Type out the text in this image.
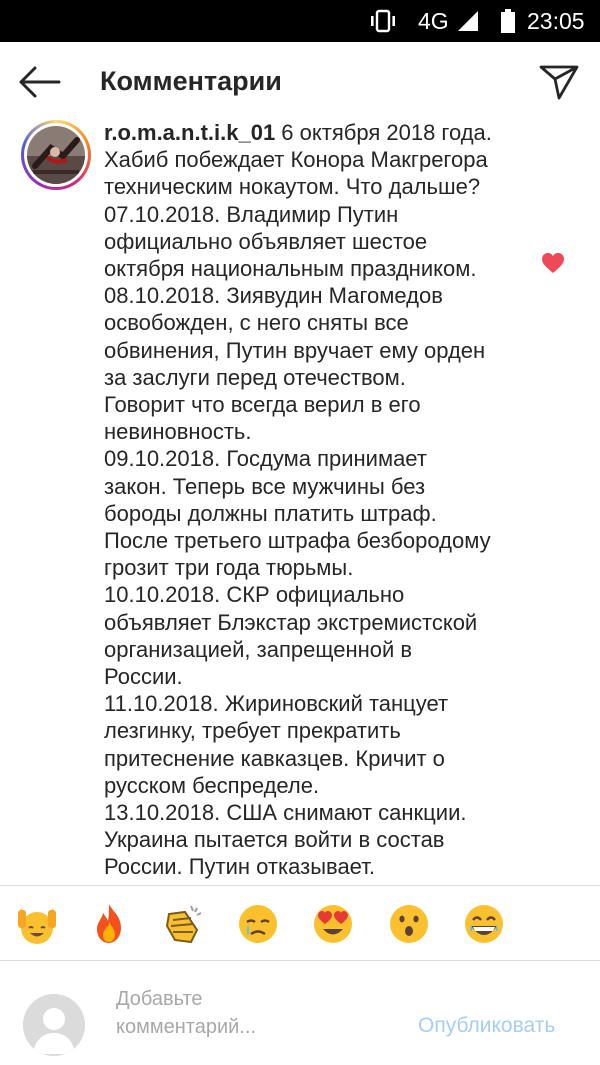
4G	23:05
Комментарии
r.o.m.a.n.t.i.k_01 6 октября 2018 года.
Хабиб побеждает Конора Макгрегора
техническим нокаутом. Что дальше?
07.10.2018. Владимир Путин
официально объявляет шестое
октября национальным праздником.
08.10.2018. Зиявудин Магомедов
освобожден, с него сняты все
обвинения, Путин вручает ему орден
за заслуги перед отечеством.
Говорит что всегда верил в его
невиновность.
09.10.2018. Госдума принимает
закон. Теперь все мужчины без
бороды должны платить штраф.
После третьего штрафа безбородому
грозит три года тюрьмы.
10.10.2018. СКР официально
объявляет Блэкстар экстремистской
организацией, запрещенной в
России.
11.10.2018. Жириновский танцует
лезгинку, требует прекратить
притеснение кавказцев. Кричит о
русском беспределе.
13.10.2018. США снимают санкции.
Украина пытается войти в состав
России. Путин отказывает.
Добавьте
комментарий...	Опубликовать
